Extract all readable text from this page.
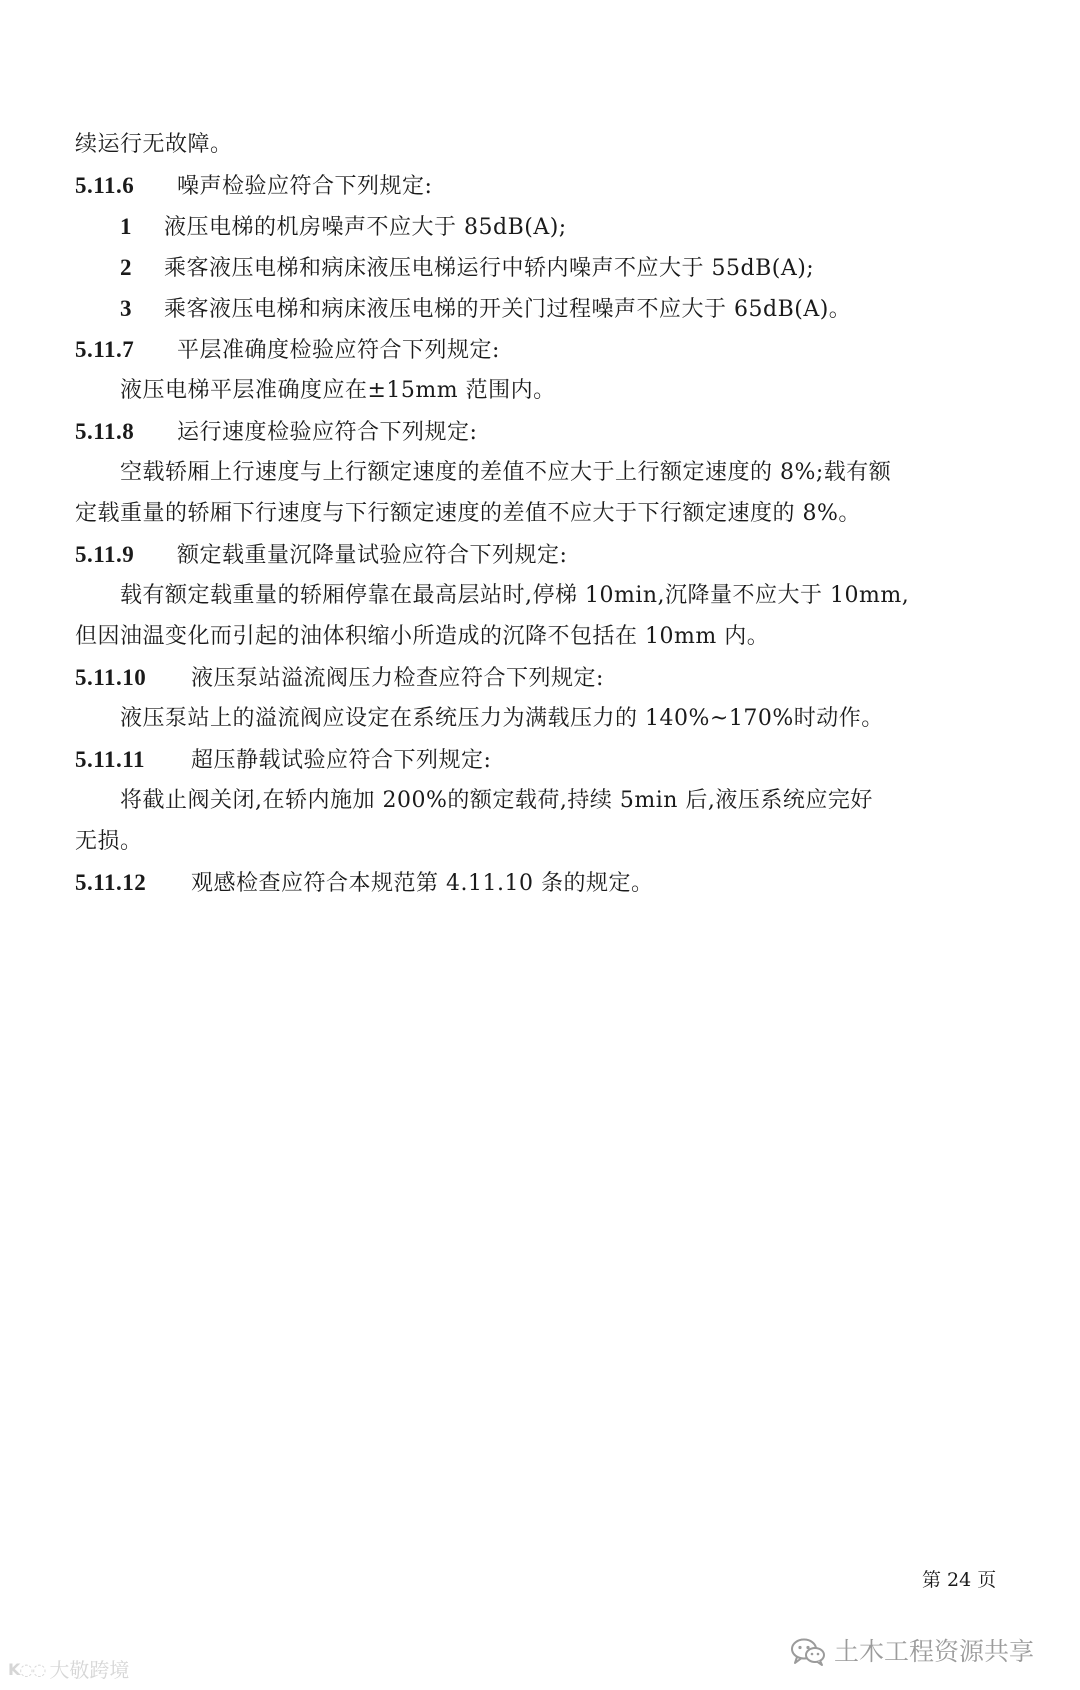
续运行无故障。
5.11.6 噪声检验应符合下列规定:
1 液压电梯的机房噪声不应大于 85dB(A);
2 乘客液压电梯和病床液压电梯运行中轿内噪声不应大于 55dB(A);
3 乘客液压电梯和病床液压电梯的开关门过程噪声不应大于 65dB(A)。
5.11.7 平层准确度检验应符合下列规定:
液压电梯平层准确度应在±15mm 范围内。
5.11.8 运行速度检验应符合下列规定:
空载轿厢上行速度与上行额定速度的差值不应大于上行额定速度的 8%;载有额
定载重量的轿厢下行速度与下行额定速度的差值不应大于下行额定速度的 8%。
5.11.9 额定载重量沉降量试验应符合下列规定:
载有额定载重量的轿厢停靠在最高层站时,停梯 10min,沉降量不应大于 10mm,
但因油温变化而引起的油体积缩小所造成的沉降不包括在 10mm 内。
5.11.10 液压泵站溢流阀压力检查应符合下列规定:
液压泵站上的溢流阀应设定在系统压力为满载压力的 140%~170%时动作。
5.11.11 超压静载试验应符合下列规定:
将截止阀关闭,在轿内施加 200%的额定载荷,持续 5min 后,液压系统应完好
无损。
5.11.12 观感检查应符合本规范第 4.11.10 条的规定。
第 24 页
K◌◌ 大敬跨境
土木工程资源共享
